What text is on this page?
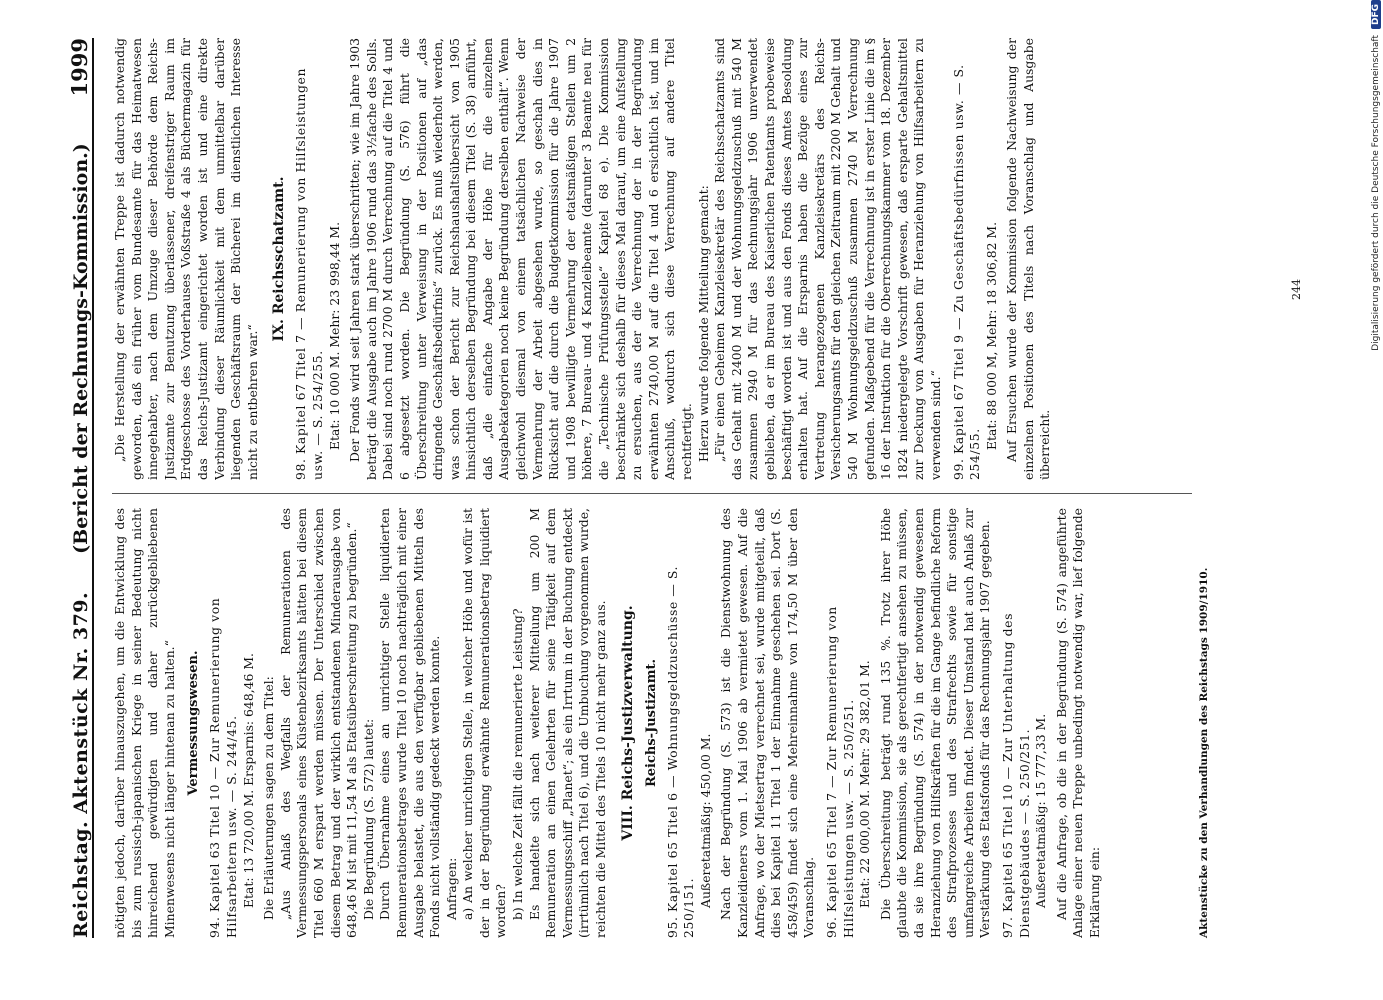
Reichstag. Aktenstück Nr. 379.
(Bericht der Rechnungs-Kommission.)
1999

nötigten jedoch, darüber hinauszugehen, um die Entwicklung des bis zum russisch-japanischen Kriege in seiner Bedeutung nicht hinreichend gewürdigten und daher zurückgebliebenen Minenwesens nicht länger hintenan zu halten.“ Vermessungswesen. 94. Kapitel 63 Titel 10 — Zur Remunerierung von Hilfsarbeitern usw. — S. 244/45. Etat: 13 720,00 M. Ersparnis: 648,46 M. Die Erläuterungen sagen zu dem Titel: „Aus Anlaß des Wegfalls der Remunerationen des Vermessungspersonals eines Küstenbezirksamts hätten bei diesem Titel 660 M erspart werden müssen. Der Unterschied zwischen diesem Betrag und der wirklich entstandenen Minderausgabe von 648,46 M ist mit 11,54 M als Etatsüberschreitung zu begründen.“ Die Begründung (S. 572) lautet: Durch Übernahme eines an unrichtiger Stelle liquidierten Remunerationsbetrages wurde Titel 10 noch nachträglich mit einer Ausgabe belastet, die aus den verfügbar gebliebenen Mitteln des Fonds nicht vollständig gedeckt werden konnte. Anfragen: a) An welcher unrichtigen Stelle, in welcher Höhe und wofür ist der in der Begründung erwähnte Remunerationsbetrag liquidiert worden? b) In welche Zeit fällt die remunerierte Leistung? Es handelte sich nach weiterer Mitteilung um 200 M Remuneration an einen Gelehrten für seine Tätigkeit auf dem Vermessungsschiff „Planet“; als ein Irrtum in der Buchung entdeckt (irrtümlich nach Titel 6), und die Umbuchung vorgenommen wurde, reichten die Mittel des Titels 10 nicht mehr ganz aus. VIII. Reichs-Justizverwaltung. Reichs-Justizamt. 95. Kapitel 65 Titel 6 — Wohnungsgeldzuschüsse — S. 250/151. Außeretatmäßig: 450,00 M. Nach der Begründung (S. 573) ist die Dienstwohnung des Kanzleidieners vom 1. Mai 1906 ab vermietet gewesen. Auf die Anfrage, wo der Mietsertrag verrechnet sei, wurde mitgeteilt, daß dies bei Kapitel 11 Titel 1 der Einnahme geschehen sei. Dort (S. 458/459) findet sich eine Mehreinnahme von 174,50 M über den Voranschlag. 96. Kapitel 65 Titel 7 — Zur Remunerierung von Hilfsleistungen usw. — S. 250/251. Etat: 22 000,00 M. Mehr: 29 382,01 M. Die Überschreitung beträgt rund 135 %. Trotz ihrer Höhe glaubte die Kommission, sie als gerechtfertigt ansehen zu müssen, da sie ihre Begründung (S. 574) in der notwendig gewesenen Heranziehung von Hilfskräften für die im Gange befindliche Reform des Strafprozesses und des Strafrechts sowie für sonstige umfangreiche Arbeiten findet. Dieser Umstand hat auch Anlaß zur Verstärkung des Etatsfonds für das Rechnungsjahr 1907 gegeben. 97. Kapitel 65 Titel 10 — Zur Unterhaltung des Dienstgebäudes — S. 250/251. Außeretatmäßig: 15 777,33 M. Auf die Anfrage, ob die in der Begründung (S. 574) angeführte Anlage einer neuen Treppe unbedingt notwendig war, lief folgende Erklärung ein:

„Die Herstellung der erwähnten Treppe ist dadurch notwendig geworden, daß ein früher vom Bundesamte für das Heimatwesen innegehabter, nach dem Umzuge dieser Behörde dem Reichs-Justizamte zur Benutzung überlassener, dreifenstriger Raum im Erdgeschosse des Vorderhauses Voßstraße 4 als Büchermagazin für das Reichs-Justizamt eingerichtet worden ist und eine direkte Verbindung dieser Räumlichkeit mit dem unmittelbar darüber liegenden Geschäftsraum der Bücherei im dienstlichen Interesse nicht zu entbehren war.“

IX. Reichsschatzamt. 98. Kapitel 67 Titel 7 — Remunerierung von Hilfsleistungen usw. — S. 254/255. Etat: 10 000 M. Mehr: 23 998,44 M. Der Fonds wird seit Jahren stark überschritten; wie im Jahre 1903 beträgt die Ausgabe auch im Jahre 1906 rund das 3½fache des Solls. Dabei sind noch rund 2700 M durch Verrechnung auf die Titel 4 und 6 abgesetzt worden. Die Begründung (S. 576) führt die Überschreitung unter Verweisung in der Positionen auf „das dringende Geschäftsbedürfnis“ zurück. Es muß wiederholt werden, was schon der Bericht zur Reichshaushaltsübersicht von 1905 hinsichtlich derselben Begründung bei diesem Titel (S. 38) anführt, daß „die einfache Angabe der Höhe für die einzelnen Ausgabekategorien noch keine Begründung derselben enthält“. Wenn gleichwohl diesmal von einem tatsächlichen Nachweise der Vermehrung der Arbeit abgesehen wurde, so geschah dies in Rücksicht auf die durch die Budgetkommission für die Jahre 1907 und 1908 bewilligte Vermehrung der etatsmäßigen Stellen um 2 höhere, 7 Bureau- und 4 Kanzleibeamte (darunter 3 Beamte neu für die „Technische Prüfungsstelle“ Kapitel 68 e). Die Kommission beschränkte sich deshalb für dieses Mal darauf, um eine Aufstellung zu ersuchen, aus der die Verrechnung der in der Begründung erwähnten 2740,00 M auf die Titel 4 und 6 ersichtlich ist, und im Anschluß, wodurch sich diese Verrechnung auf andere Titel rechtfertigt. Hierzu wurde folgende Mitteilung gemacht: „Für einen Geheimen Kanzleisekretär des Reichsschatzamts sind das Gehalt mit 2400 M und der Wohnungsgeldzuschuß mit 540 M zusammen 2940 M für das Rechnungsjahr 1906 unverwendet geblieben, da er im Bureau des Kaiserlichen Patentamts probeweise beschäftigt worden ist und aus den Fonds dieses Amtes Besoldung erhalten hat. Auf die Ersparnis haben die Bezüge eines zur Vertretung herangezogenen Kanzleisekretärs des Reichs-Versicherungsamts für den gleichen Zeitraum mit 2200 M Gehalt und 540 M Wohnungsgeldzuschuß zusammen 2740 M Verrechnung gefunden. Maßgebend für die Verrechnung ist in erster Linie die im § 16 der Instruktion für die Oberrechnungskammer vom 18. Dezember 1824 niedergelegte Vorschrift gewesen, daß ersparte Gehaltsmittel zur Deckung von Ausgaben für Heranziehung von Hilfsarbeitern zu verwenden sind.“ 99. Kapitel 67 Titel 9 — Zu Geschäftsbedürfnissen usw. — S. 254/55.

Etat: 88 000 M, Mehr: 18 306,82 M. Auf Ersuchen wurde der Kommission folgende Nachweisung der einzelnen Positionen des Titels nach Voranschlag und Ausgabe überreicht.

Aktenstücke zu den Verhandlungen des Reichstags 1909/1910.
244	Digitalisierung gefördert durch die Deutsche Forschungsgemeinschaft
DFG
